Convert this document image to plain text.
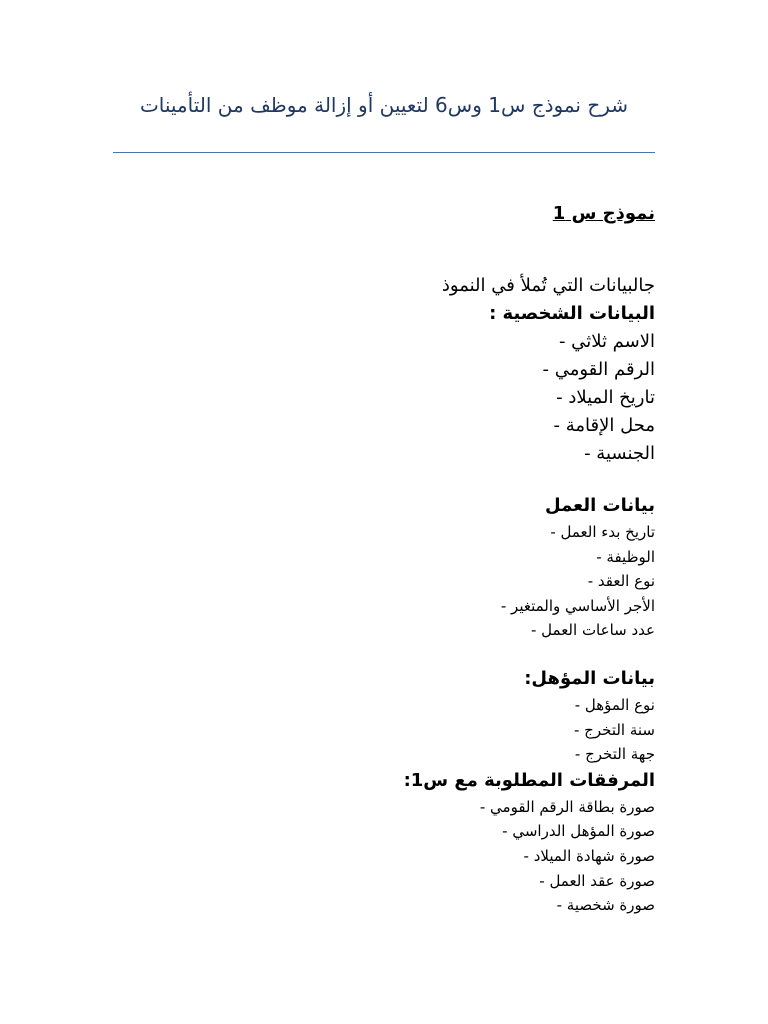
شرح نموذج س1 وس6 لتعيين أو إزالة موظف من التأمينات
نموذج س 1
جالبيانات التي تُملأ في النموذ
البيانات الشخصية :
الاسم ثلاثي -
الرقم القومي -
تاريخ الميلاد -
محل الإقامة -
الجنسية -
بيانات العمل
تاريخ بدء العمل -
الوظيفة -
نوع العقد -
الأجر الأساسي والمتغير -
عدد ساعات العمل -
بيانات المؤهل:
نوع المؤهل -
سنة التخرج -
جهة التخرج -
المرفقات المطلوبة مع س1:
صورة بطاقة الرقم القومي -
صورة المؤهل الدراسي -
صورة شهادة الميلاد -
صورة عقد العمل -
صورة شخصية -
